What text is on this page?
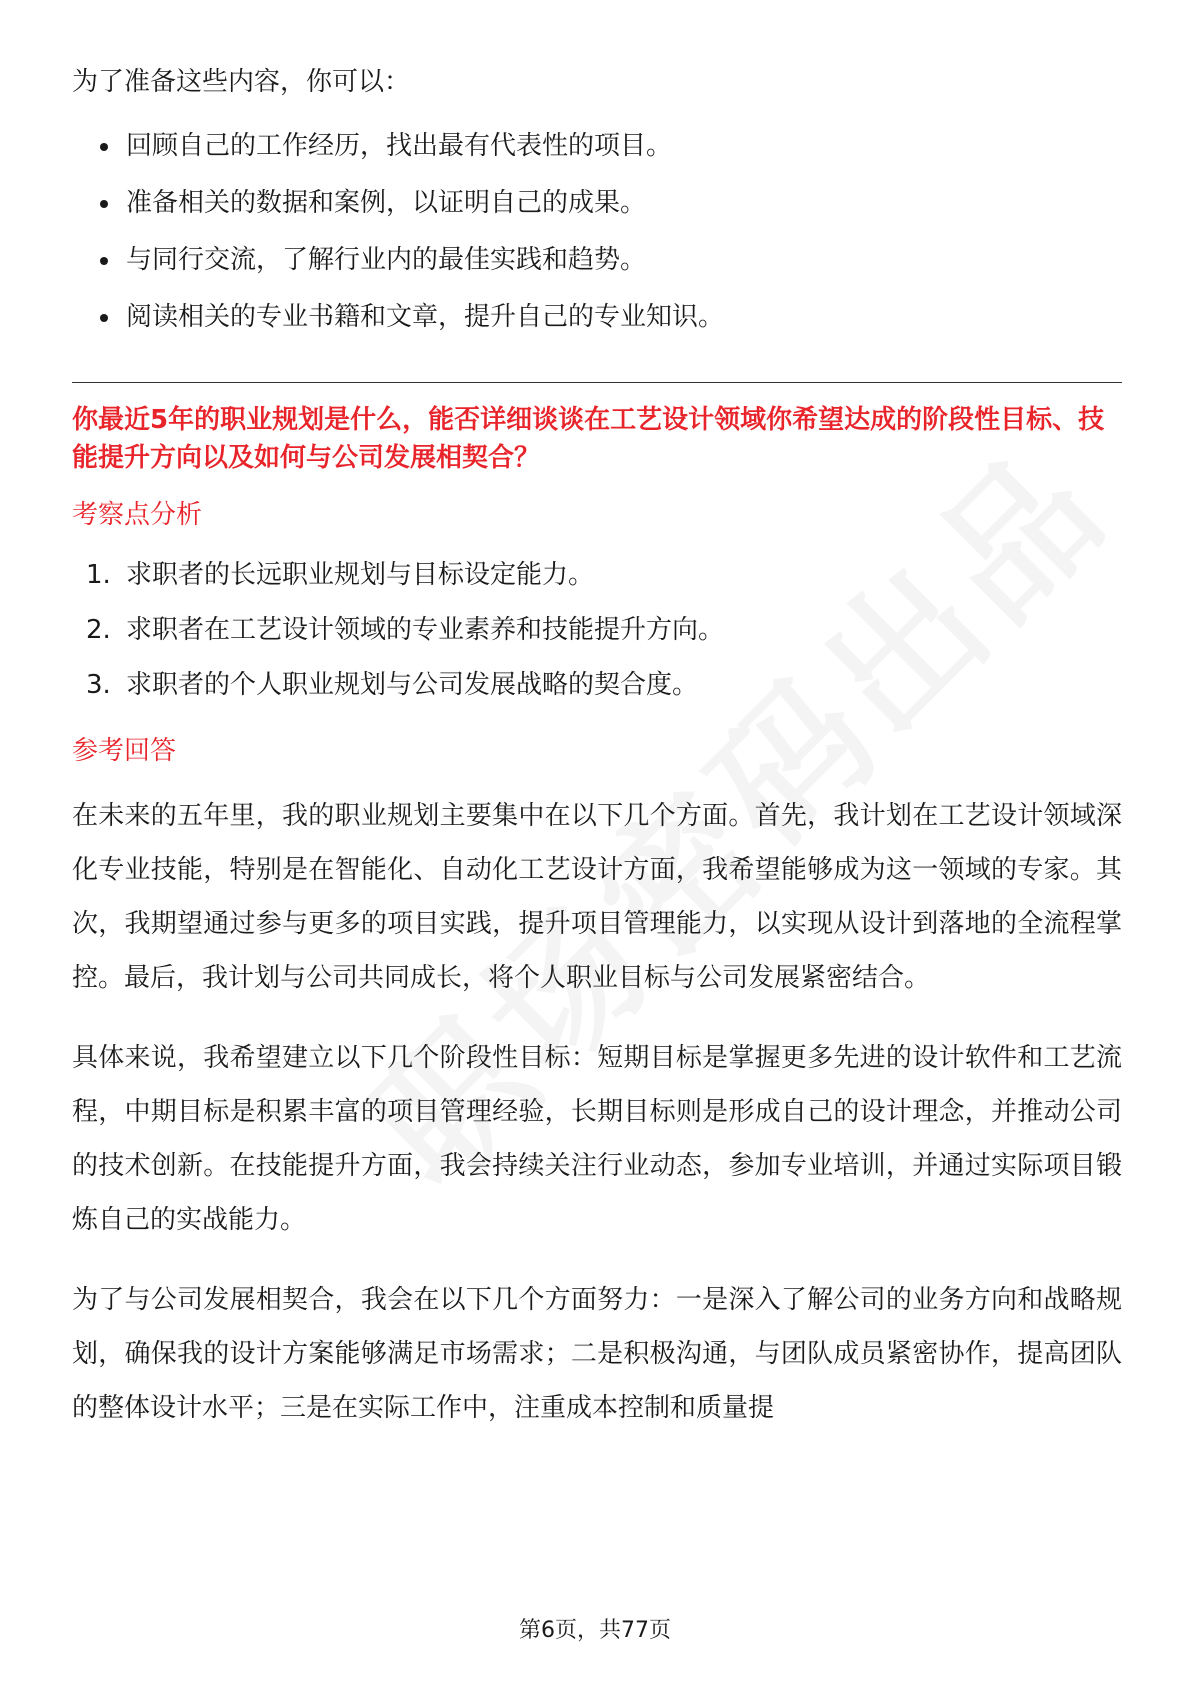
为了准备这些内容，你可以：

回顾自己的工作经历，找出最有代表性的项目。
准备相关的数据和案例，以证明自己的成果。
与同行交流，了解行业内的最佳实践和趋势。
阅读相关的专业书籍和文章，提升自己的专业知识。

你最近5年的职业规划是什么，能否详细谈谈在工艺设计领域你希望达成的阶段性目标、技能提升方向以及如何与公司发展相契合？

考察点分析

1. 求职者的长远职业规划与目标设定能力。
2. 求职者在工艺设计领域的专业素养和技能提升方向。
3. 求职者的个人职业规划与公司发展战略的契合度。

参考回答

在未来的五年里，我的职业规划主要集中在以下几个方面。首先，我计划在工艺设计领域深化专业技能，特别是在智能化、自动化工艺设计方面，我希望能够成为这一领域的专家。其次，我期望通过参与更多的项目实践，提升项目管理能力，以实现从设计到落地的全流程掌控。最后，我计划与公司共同成长，将个人职业目标与公司发展紧密结合。

具体来说，我希望建立以下几个阶段性目标：短期目标是掌握更多先进的设计软件和工艺流程，中期目标是积累丰富的项目管理经验，长期目标则是形成自己的设计理念，并推动公司的技术创新。在技能提升方面，我会持续关注行业动态，参加专业培训，并通过实际项目锻炼自己的实战能力。

为了与公司发展相契合，我会在以下几个方面努力：一是深入了解公司的业务方向和战略规划，确保我的设计方案能够满足市场需求；二是积极沟通，与团队成员紧密协作，提高团队的整体设计水平；三是在实际工作中，注重成本控制和质量提

第6页，共77页
